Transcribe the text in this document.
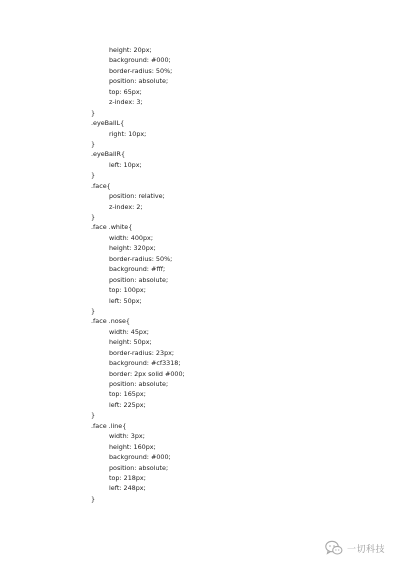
height: 20px;
background: #000;
border-radius: 50%;
position: absolute;
top: 65px;
z-index: 3;
}
.eyeBallL{
right: 10px;
}
.eyeBallR{
left: 10px;
}
.face{
position: relative;
z-index: 2;
}
.face .white{
width: 400px;
height: 320px;
border-radius: 50%;
background: #fff;
position: absolute;
top: 100px;
left: 50px;
}
.face .nose{
width: 45px;
height: 50px;
border-radius: 23px;
background: #cf3318;
border: 2px solid #000;
position: absolute;
top: 165px;
left: 225px;
}
.face .line{
width: 3px;
height: 160px;
background: #000;
position: absolute;
top: 218px;
left: 248px;
}
一切科技
